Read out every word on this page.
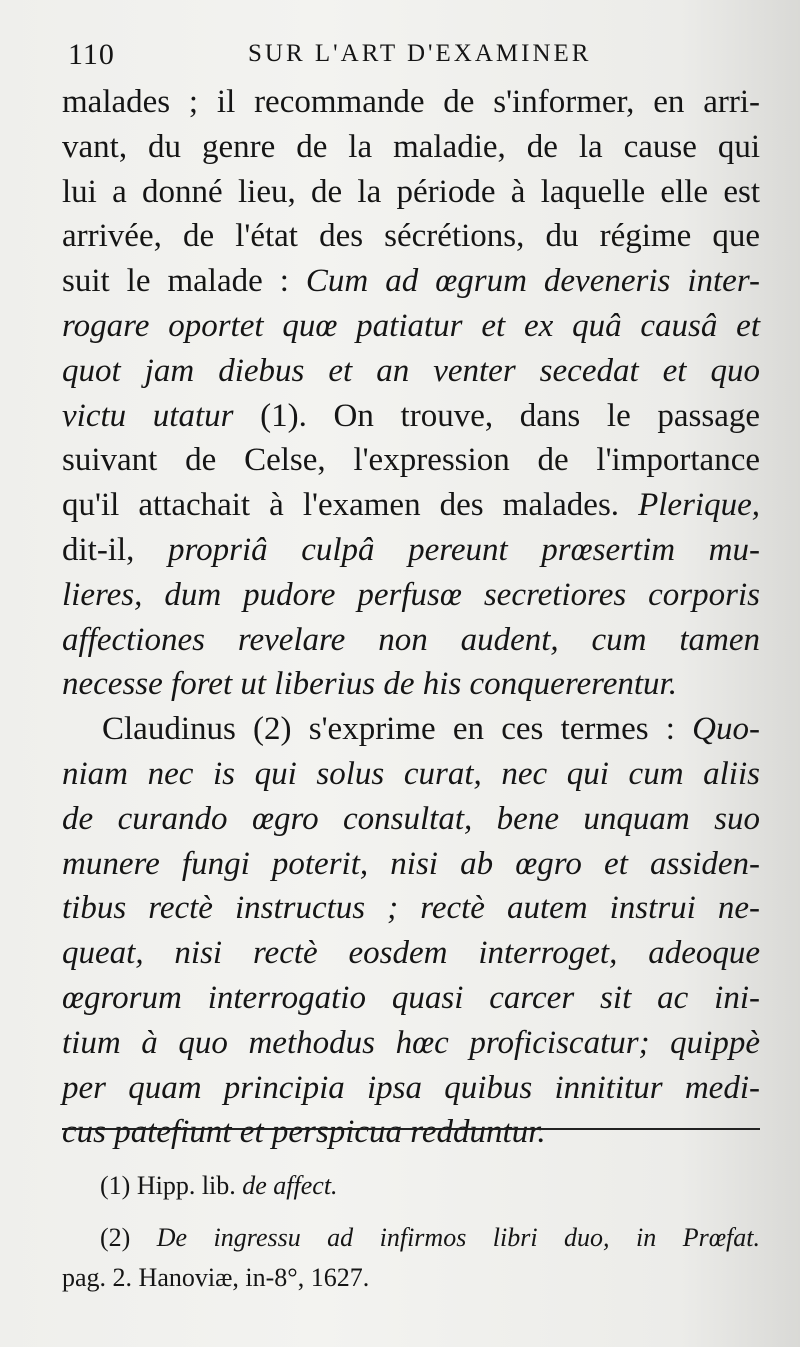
110	SUR L'ART D'EXAMINER
malades ; il recommande de s'informer, en arri-
vant, du genre de la maladie, de la cause qui
lui a donné lieu, de la période à laquelle elle est
arrivée, de l'état des sécrétions, du régime que
suit le malade : Cum ad œgrum deveneris inter-
rogare oportet quœ patiatur et ex quâ causâ et
quot jam diebus et an venter secedat et quo
victu utatur (1). On trouve, dans le passage
suivant de Celse, l'expression de l'importance
qu'il attachait à l'examen des malades. Plerique,
dit-il, propriâ culpâ pereunt prœsertim mu-
lieres, dum pudore perfusœ secretiores corporis
affectiones revelare non audent, cum tamen
necesse foret ut liberius de his conquererentur.
Claudinus (2) s'exprime en ces termes : Quo-
niam nec is qui solus curat, nec qui cum aliis
de curando œgro consultat, bene unquam suo
munere fungi poterit, nisi ab œgro et assiden-
tibus rectè instructus ; rectè autem instrui ne-
queat, nisi rectè eosdem interroget, adeoque
œgrorum interrogatio quasi carcer sit ac ini-
tium à quo methodus hœc proficiscatur; quippè
per quam principia ipsa quibus innititur medi-
cus patefiunt et perspicua redduntur.
(1) Hipp. lib. de affect.
(2) De ingressu ad infirmos libri duo, in Prœfat.
pag. 2. Hanoviæ, in-8°, 1627.
